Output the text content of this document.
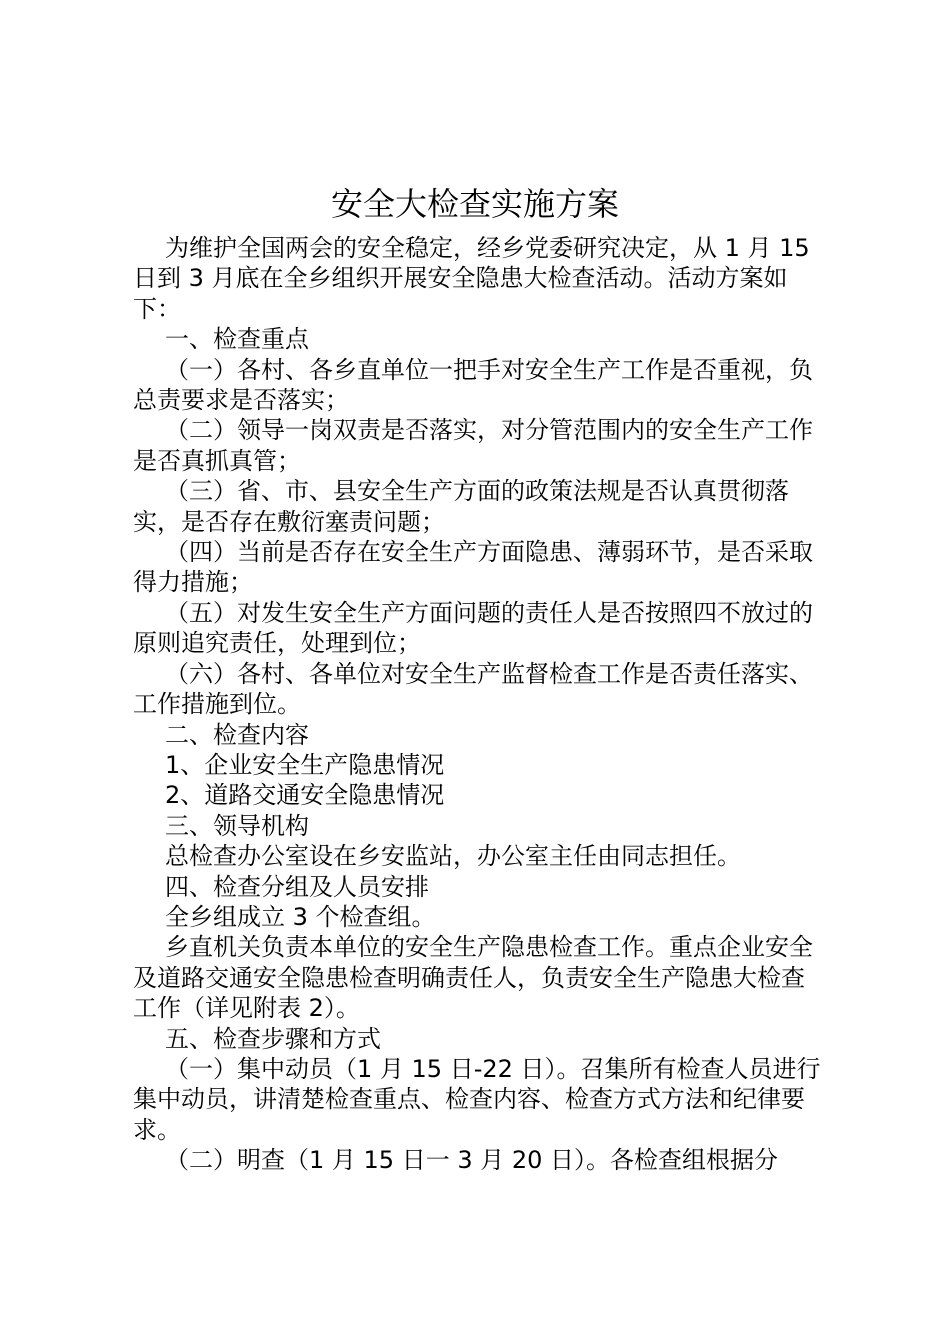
安全大检查实施方案

为维护全国两会的安全稳定，经乡党委研究决定，从 1 月 15 日到 3 月底在全乡组织开展安全隐患大检查活动。活动方案如下：

一、检查重点

（一）各村、各乡直单位一把手对安全生产工作是否重视，负总责要求是否落实；

（二）领导一岗双责是否落实，对分管范围内的安全生产工作是否真抓真管；

（三）省、市、县安全生产方面的政策法规是否认真贯彻落实，是否存在敷衍塞责问题；

（四）当前是否存在安全生产方面隐患、薄弱环节，是否采取得力措施；

（五）对发生安全生产方面问题的责任人是否按照四不放过的原则追究责任，处理到位；

（六）各村、各单位对安全生产监督检查工作是否责任落实、工作措施到位。

二、检查内容

1、企业安全生产隐患情况

2、道路交通安全隐患情况

三、领导机构

总检查办公室设在乡安监站，办公室主任由同志担任。

四、检查分组及人员安排

全乡组成立 3 个检查组。

乡直机关负责本单位的安全生产隐患检查工作。重点企业安全及道路交通安全隐患检查明确责任人，负责安全生产隐患大检查工作（详见附表 2）。

五、检查步骤和方式

（一）集中动员（1 月 15 日-22 日）。召集所有检查人员进行集中动员，讲清楚检查重点、检查内容、检查方式方法和纪律要求。

（二）明查（1 月 15 日一 3 月 20 日）。各检查组根据分
